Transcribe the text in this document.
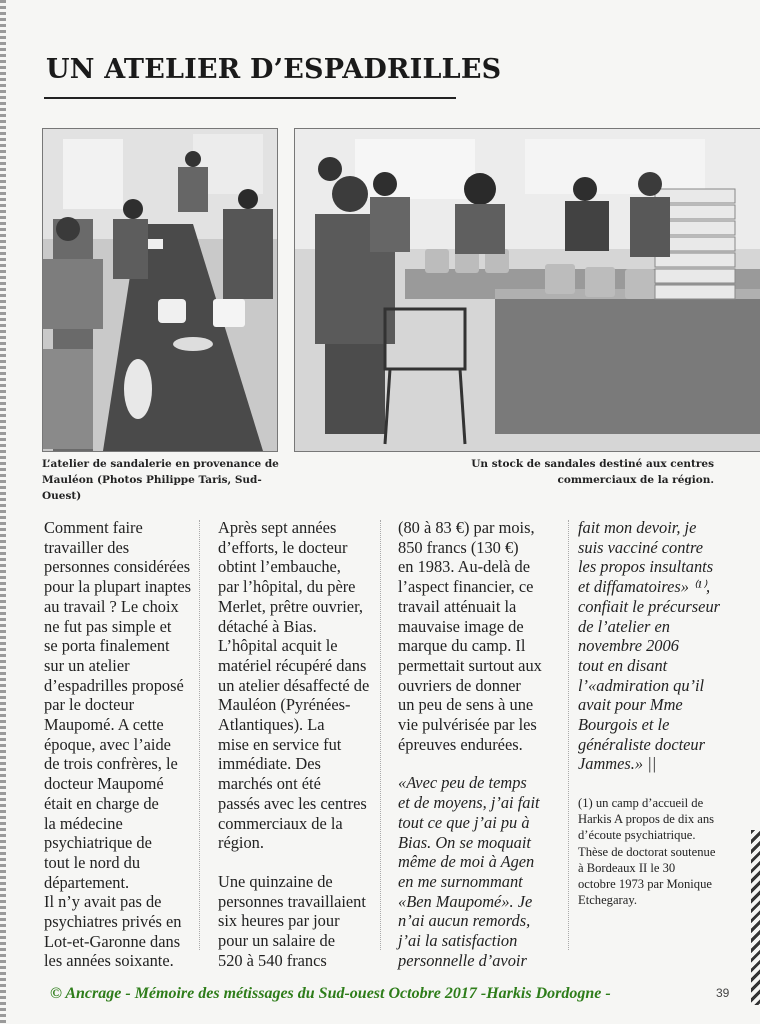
UN ATELIER D’ESPADRILLES
L’atelier de sandalerie en provenance de
Mauléon (Photos Philippe Taris, Sud-Ouest)
Un stock de sandales destiné aux centres
commerciaux de la région.

Comment faire

travailler des

personnes considérées

pour la plupart inaptes

au travail ? Le choix

ne fut pas simple et

se porta finalement

sur un atelier

d’espadrilles proposé

par le docteur

Maupomé. A cette

époque, avec l’aide

de trois confrères, le

docteur Maupomé

était en charge de

la médecine

psychiatrique de

tout le nord du

département.

Il n’y avait pas de

psychiatres privés en

Lot-et-Garonne dans

les années soixante.

Après sept années

d’efforts, le docteur

obtint l’embauche,

par l’hôpital, du père

Merlet, prêtre ouvrier,

détaché à Bias.

L’hôpital acquit le

matériel récupéré dans

un atelier désaffecté de

Mauléon (Pyrénées-

Atlantiques). La

mise en service fut

immédiate. Des

marchés ont été

passés avec les centres

commerciaux de la

région.

Une quinzaine de

personnes travaillaient

six heures par jour

pour un salaire de

520 à 540 francs

(80 à 83 €) par mois,

850 francs (130 €)

en 1983. Au-delà de

l’aspect financier, ce

travail atténuait la

mauvaise image de

marque du camp. Il

permettait surtout aux

ouvriers de donner

un peu de sens à une

vie pulvérisée par les

épreuves endurées.

«Avec peu de temps

et de moyens, j’ai fait

tout ce que j’ai pu à

Bias. On se moquait

même de moi à Agen

en me surnommant

«Ben Maupomé». Je

n’ai aucun remords,

j’ai la satisfaction

personnelle d’avoir

fait mon devoir, je

suis vacciné contre

les propos insultants

et diffamatoires» ⁽¹⁾,

confiait le précurseur

de l’atelier en

novembre 2006

tout en disant

l’«admiration qu’il

avait pour Mme

Bourgois et le

généraliste docteur

Jammes.» ||

(1) un camp d’accueil de

Harkis A propos de dix ans

d’écoute psychiatrique.

Thèse de doctorat soutenue

à Bordeaux II le 30

octobre 1973 par Monique

Etchegaray.

© Ancrage - Mémoire des métissages du Sud-ouest Octobre 2017 -Harkis Dordogne -	39
